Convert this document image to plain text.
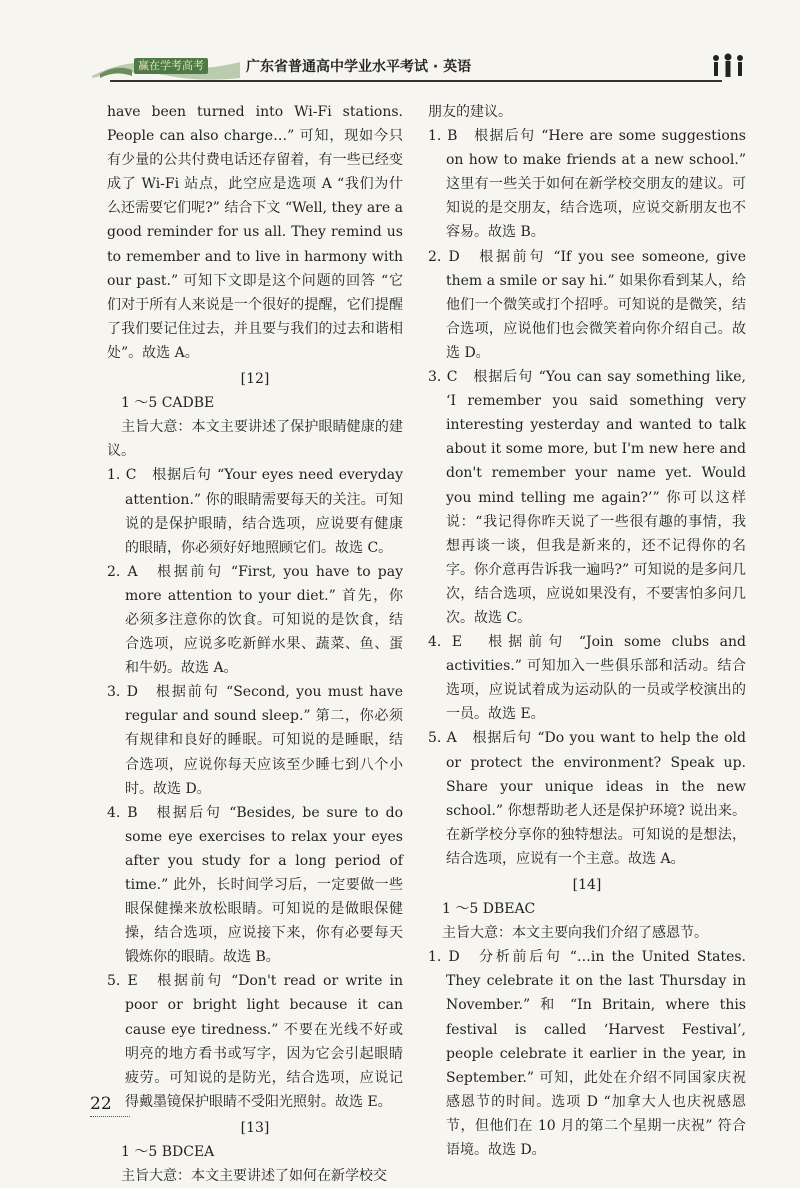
赢在学考高考	广东省普通高中学业水平考试 · 英语

have been turned into Wi-Fi stations. People can also charge…” 可知，现如今只有少量的公共付费电话还存留着，有一些已经变成了 Wi-Fi 站点，此空应是选项 A “我们为什么还需要它们呢?” 结合下文 “Well, they are a good reminder for us all. They remind us to remember and to live in harmony with our past.” 可知下文即是这个问题的回答 “它们对于所有人来说是一个很好的提醒，它们提醒了我们要记住过去，并且要与我们的过去和谐相处”。故选 A。

[12]

1 ～5 CADBE

主旨大意：本文主要讲述了保护眼睛健康的建议。

1. C　根据后句 “Your eyes need everyday attention.” 你的眼睛需要每天的关注。可知说的是保护眼睛，结合选项，应说要有健康的眼睛，你必须好好地照顾它们。故选 C。

2. A　根据前句 “First, you have to pay more attention to your diet.” 首先，你必须多注意你的饮食。可知说的是饮食，结合选项，应说多吃新鲜水果、蔬菜、鱼、蛋和牛奶。故选 A。

3. D　根据前句 “Second, you must have regular and sound sleep.” 第二，你必须有规律和良好的睡眠。可知说的是睡眠，结合选项，应说你每天应该至少睡七到八个小时。故选 D。

4. B　根据后句 “Besides, be sure to do some eye exercises to relax your eyes after you study for a long period of time.” 此外，长时间学习后，一定要做一些眼保健操来放松眼睛。可知说的是做眼保健操，结合选项，应说接下来，你有必要每天锻炼你的眼睛。故选 B。

5. E　根据前句 “Don't read or write in poor or bright light because it can cause eye tiredness.” 不要在光线不好或明亮的地方看书或写字，因为它会引起眼睛疲劳。可知说的是防光，结合选项，应说记得戴墨镜保护眼睛不受阳光照射。故选 E。

[13]

1 ～5 BDCEA

主旨大意：本文主要讲述了如何在新学校交

朋友的建议。

1. B　根据后句 “Here are some suggestions on how to make friends at a new school.” 这里有一些关于如何在新学校交朋友的建议。可知说的是交朋友，结合选项，应说交新朋友也不容易。故选 B。

2. D　根据前句 “If you see someone, give them a smile or say hi.” 如果你看到某人，给他们一个微笑或打个招呼。可知说的是微笑，结合选项，应说他们也会微笑着向你介绍自己。故选 D。

3. C　根据后句 “You can say something like, ‘I remember you said something very interesting yesterday and wanted to talk about it some more, but I'm new here and don't remember your name yet. Would you mind telling me again?’” 你可以这样说：“我记得你昨天说了一些很有趣的事情，我想再谈一谈，但我是新来的，还不记得你的名字。你介意再告诉我一遍吗?” 可知说的是多问几次，结合选项，应说如果没有，不要害怕多问几次。故选 C。

4. E　根据前句 “Join some clubs and activities.” 可知加入一些俱乐部和活动。结合选项，应说试着成为运动队的一员或学校演出的一员。故选 E。

5. A　根据后句 “Do you want to help the old or protect the environment? Speak up. Share your unique ideas in the new school.” 你想帮助老人还是保护环境? 说出来。在新学校分享你的独特想法。可知说的是想法，结合选项，应说有一个主意。故选 A。

[14]

1 ～5 DBEAC

主旨大意：本文主要向我们介绍了感恩节。

1. D　分析前后句 “…in the United States. They celebrate it on the last Thursday in November.” 和 “In Britain, where this festival is called ‘Harvest Festival’, people celebrate it earlier in the year, in September.” 可知，此处在介绍不同国家庆祝感恩节的时间。选项 D “加拿大人也庆祝感恩节，但他们在 10 月的第二个星期一庆祝” 符合语境。故选 D。

22
